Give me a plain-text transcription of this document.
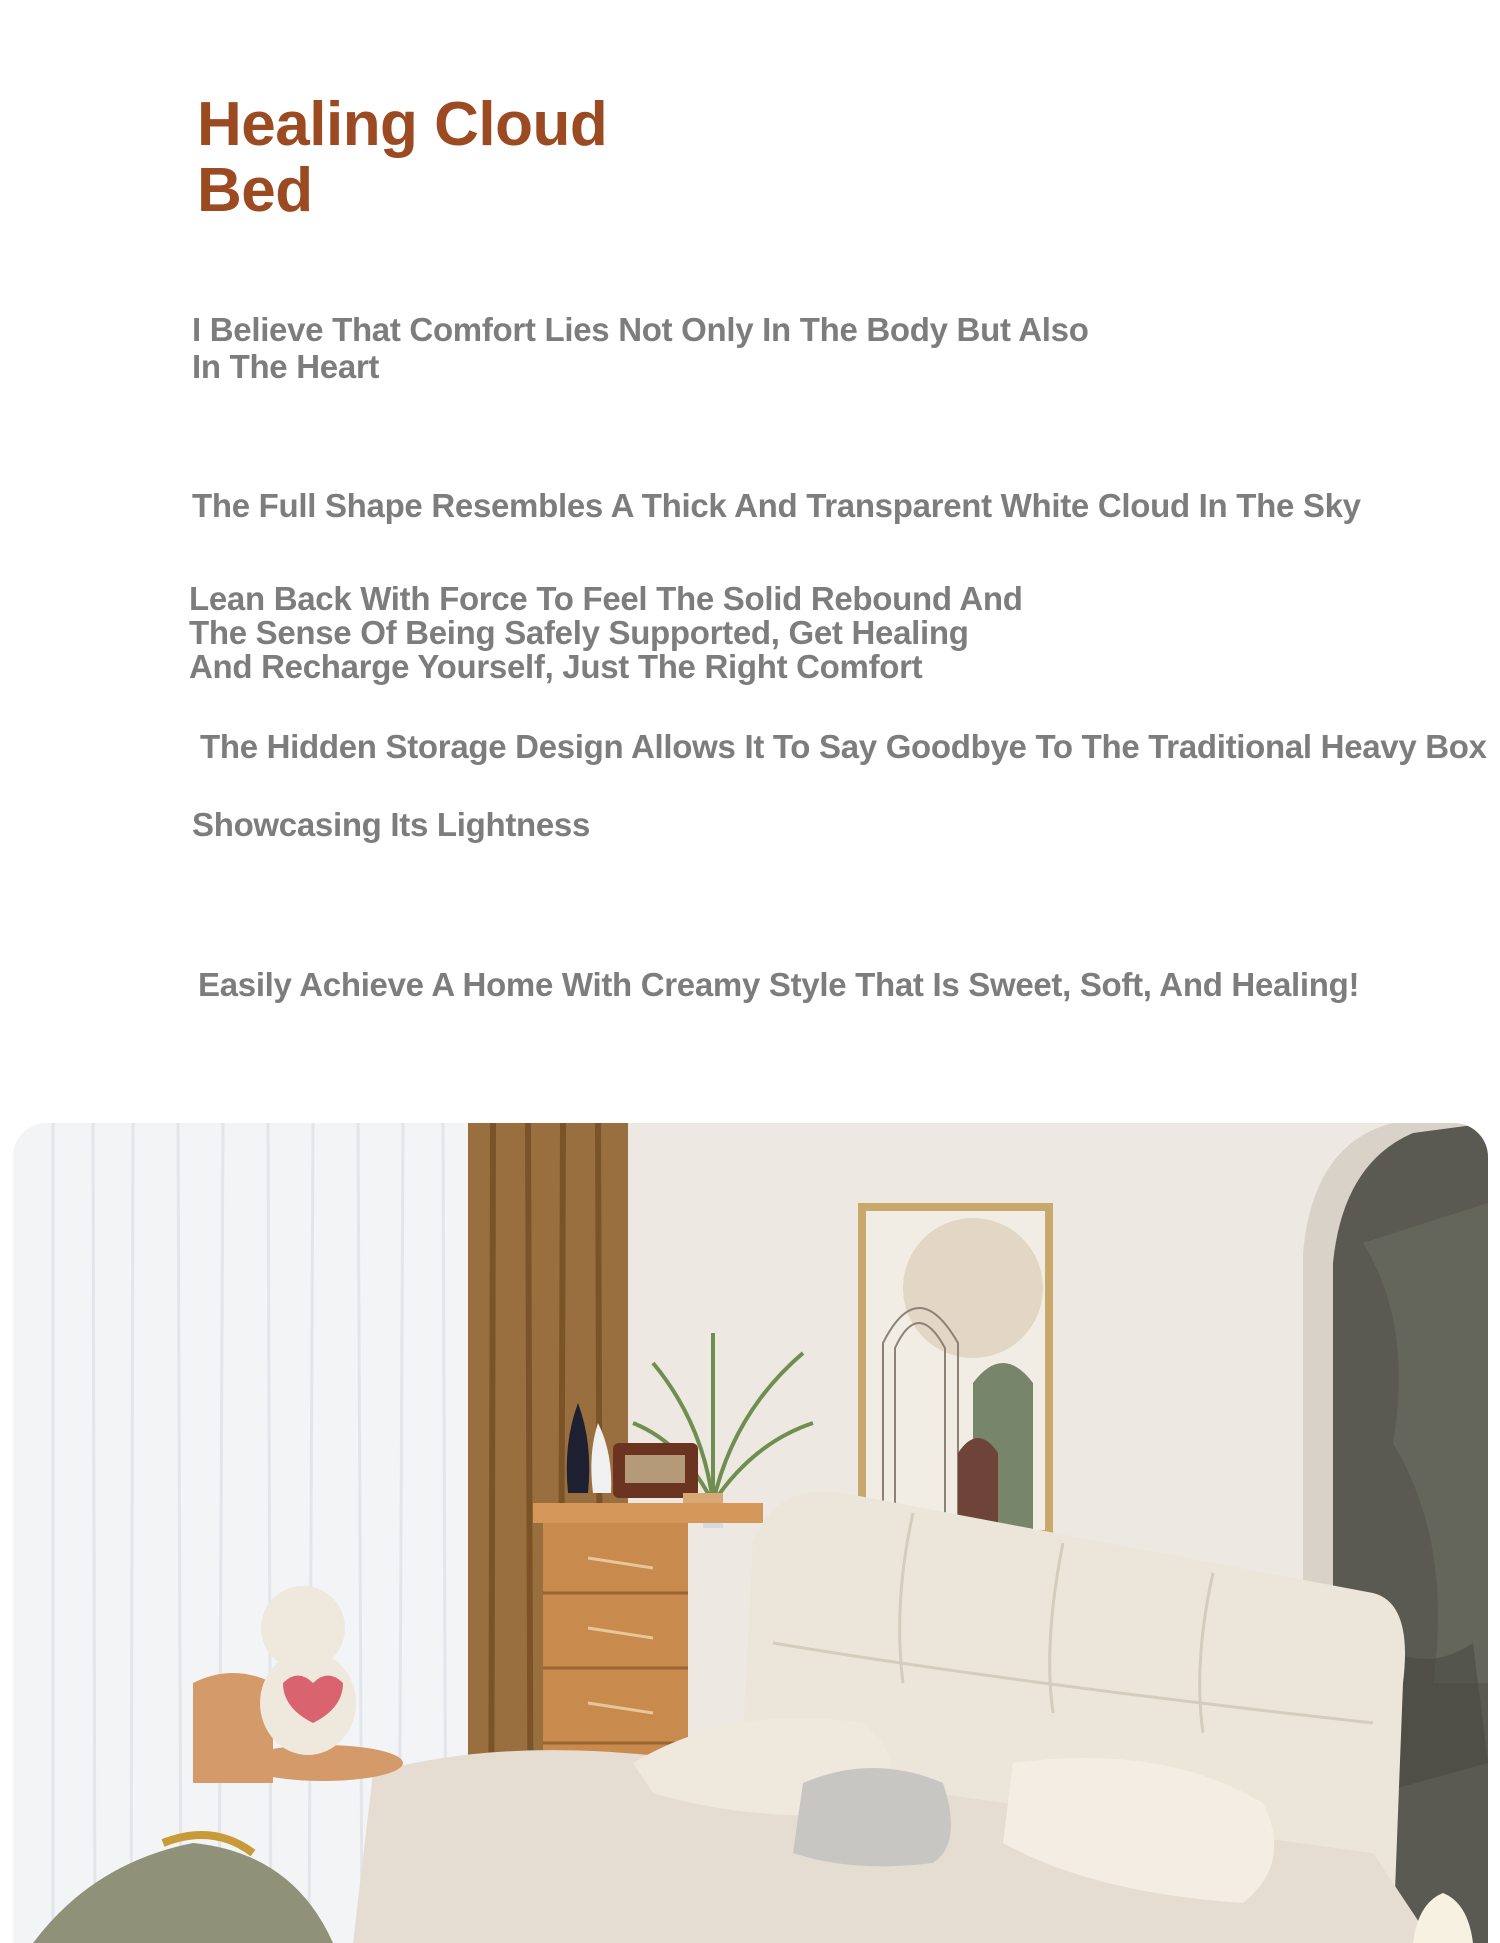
Healing Cloud
Bed

I Believe That Comfort Lies Not Only In The Body But Also
In The Heart

The Full Shape Resembles A Thick And Transparent White Cloud In The Sky

Lean Back With Force To Feel The Solid Rebound And
The Sense Of Being Safely Supported, Get Healing
And Recharge Yourself, Just The Right Comfort

The Hidden Storage Design Allows It To Say Goodbye To The Traditional Heavy Box

Showcasing Its Lightness

Easily Achieve A Home With Creamy Style That Is Sweet, Soft, And Healing!
